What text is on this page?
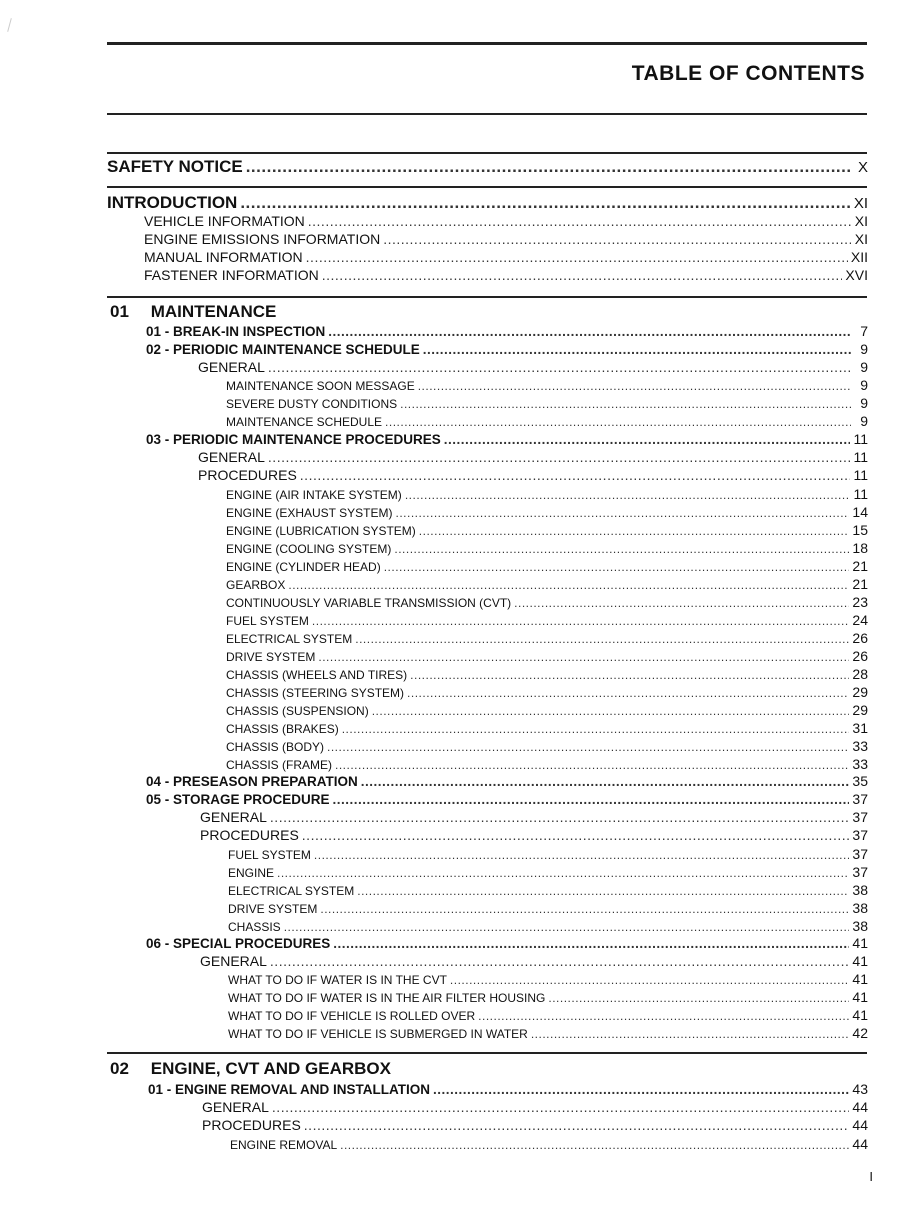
TABLE OF CONTENTS
SAFETY NOTICE .....	X
INTRODUCTION .....	XI
VEHICLE INFORMATION .....	XI
ENGINE EMISSIONS INFORMATION .....	XI
MANUAL INFORMATION .....	XII
FASTENER INFORMATION .....	XVI
01 MAINTENANCE
01 - BREAK-IN INSPECTION .....	7
02 - PERIODIC MAINTENANCE SCHEDULE .....	9
GENERAL .....	9
MAINTENANCE SOON MESSAGE .....	9
SEVERE DUSTY CONDITIONS .....	9
MAINTENANCE SCHEDULE .....	9
03 - PERIODIC MAINTENANCE PROCEDURES .....	11
GENERAL .....	11
PROCEDURES .....	11
ENGINE (AIR INTAKE SYSTEM) .....	11
ENGINE (EXHAUST SYSTEM) .....	14
ENGINE (LUBRICATION SYSTEM) .....	15
ENGINE (COOLING SYSTEM) .....	18
ENGINE (CYLINDER HEAD) .....	21
GEARBOX .....	21
CONTINUOUSLY VARIABLE TRANSMISSION (CVT) .....	23
FUEL SYSTEM .....	24
ELECTRICAL SYSTEM .....	26
DRIVE SYSTEM .....	26
CHASSIS (WHEELS AND TIRES) .....	28
CHASSIS (STEERING SYSTEM) .....	29
CHASSIS (SUSPENSION) .....	29
CHASSIS (BRAKES) .....	31
CHASSIS (BODY) .....	33
CHASSIS (FRAME) .....	33
04 - PRESEASON PREPARATION .....	35
05 - STORAGE PROCEDURE .....	37
GENERAL .....	37
PROCEDURES .....	37
FUEL SYSTEM .....	37
ENGINE .....	37
ELECTRICAL SYSTEM .....	38
DRIVE SYSTEM .....	38
CHASSIS .....	38
06 - SPECIAL PROCEDURES .....	41
GENERAL .....	41
WHAT TO DO IF WATER IS IN THE CVT .....	41
WHAT TO DO IF WATER IS IN THE AIR FILTER HOUSING .....	41
WHAT TO DO IF VEHICLE IS ROLLED OVER .....	41
WHAT TO DO IF VEHICLE IS SUBMERGED IN WATER .....	42
01 - ENGINE REMOVAL AND INSTALLATION .....	43
GENERAL .....	44
PROCEDURES .....	44
ENGINE REMOVAL .....	44
02 ENGINE, CVT AND GEARBOX
I
